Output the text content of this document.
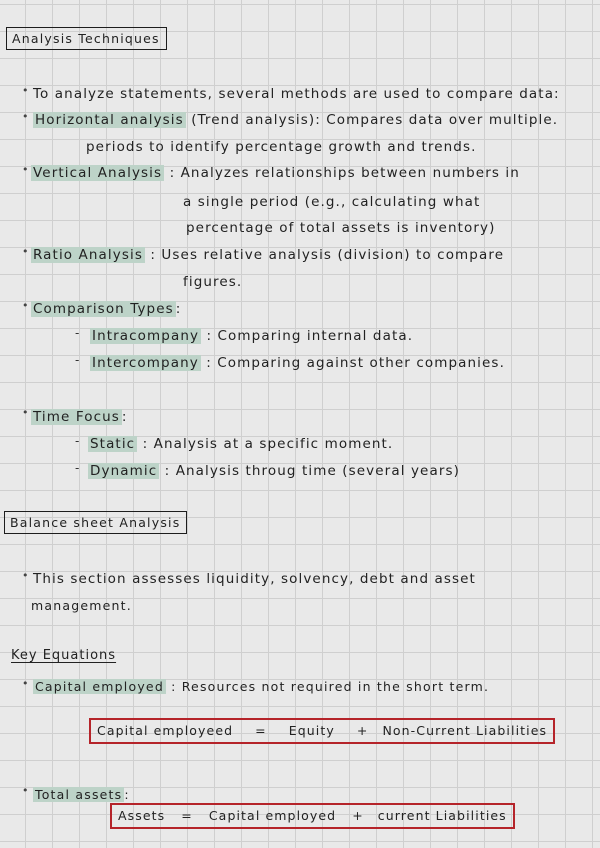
Analysis Techniques
• To analyze statements, several methods are used to compare data:
• Horizontal analysis (Trend analysis): Compares data over multiple.
periods to identify percentage growth and trends.
• Vertical Analysis : Analyzes relationships between numbers in
a single period (e.g., calculating what
percentage of total assets is inventory)
• Ratio Analysis : Uses relative analysis (division) to compare
figures.
• Comparison Types :
- Intracompany : Comparing internal data.
- Intercompany : Comparing against other companies.
• Time Focus :
- Static : Analysis at a specific moment.
- Dynamic : Analysis throug time (several years)
Balance sheet Analysis
• This section assesses liquidity, solvency, debt and asset
management.
Key Equations
• Capital employed : Resources not required in the short term.
Capital employeed = Equity + Non-Current Liabilities
• Total assets :
Assets = Capital employed + current Liabilities
